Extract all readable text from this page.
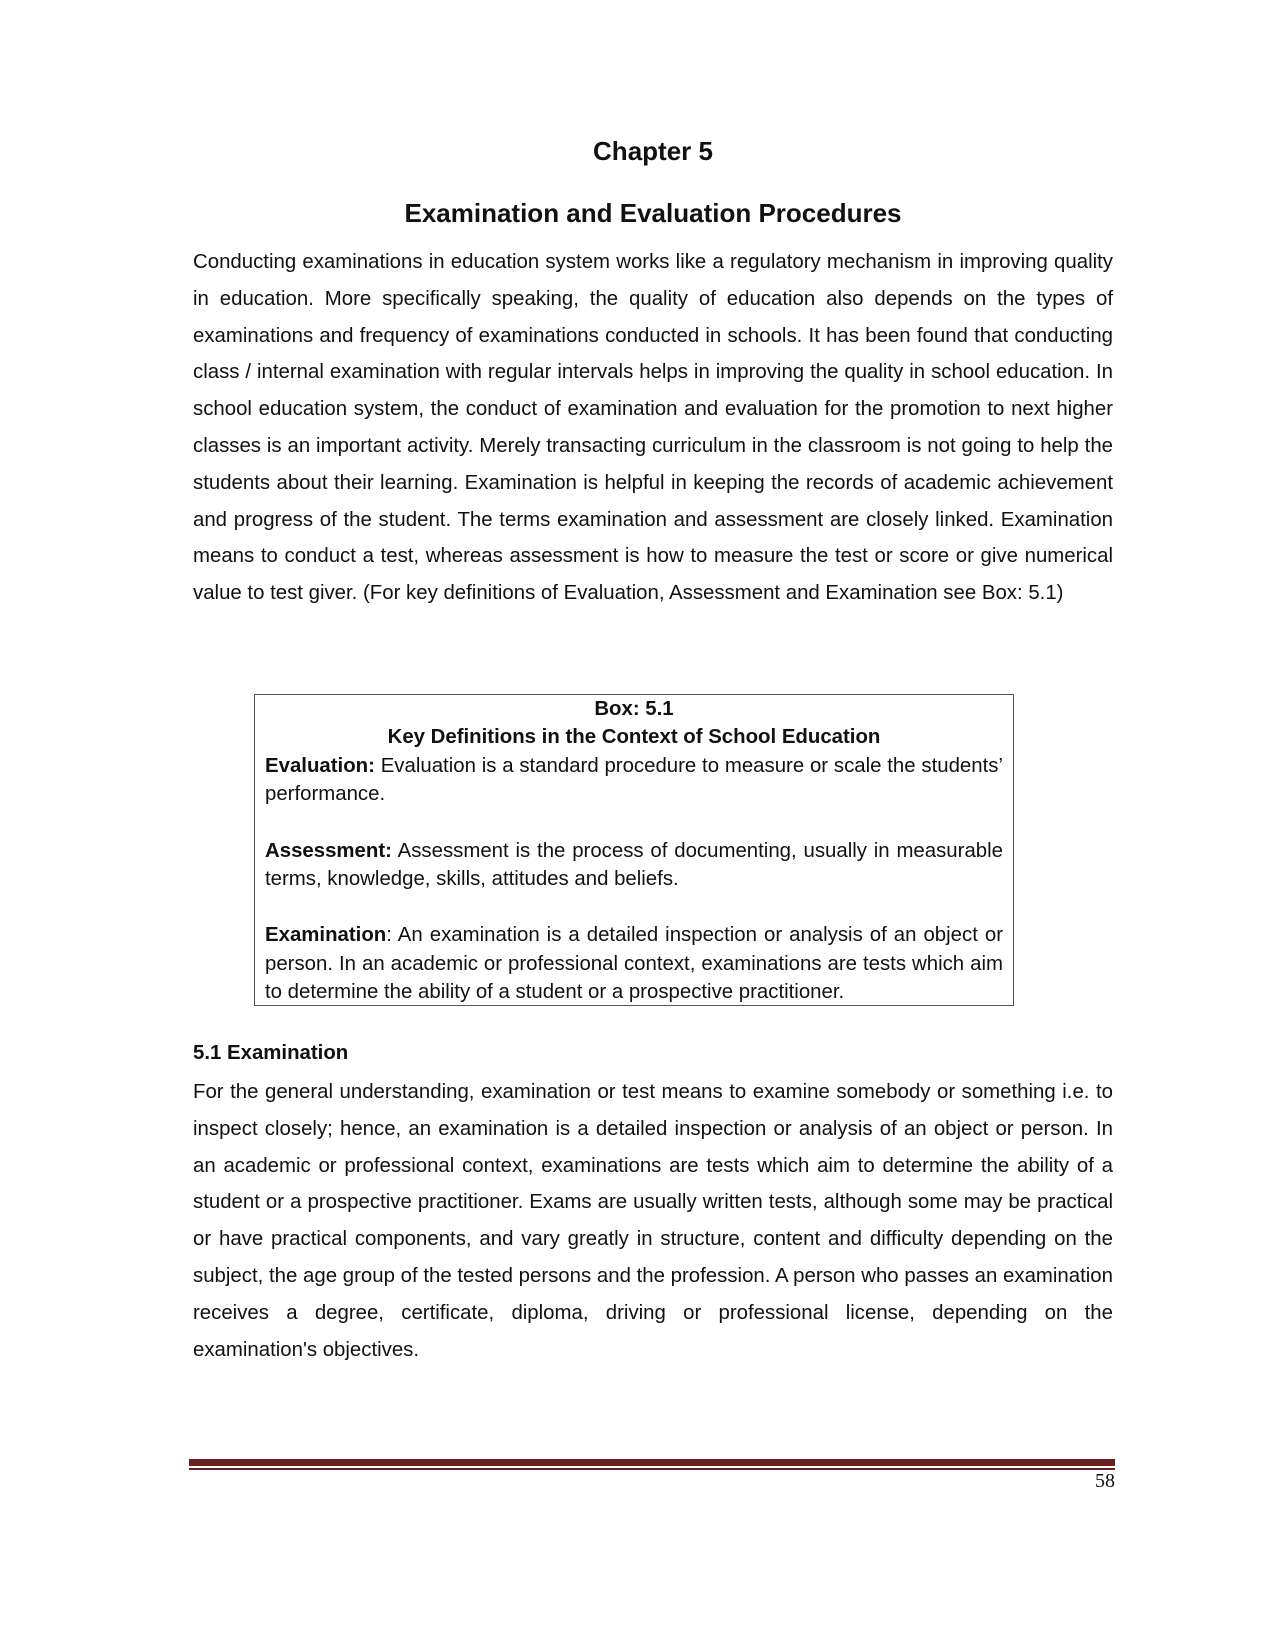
Chapter 5
Examination and Evaluation Procedures

Conducting examinations in education system works like a regulatory mechanism in improving quality in education. More specifically speaking, the quality of education also depends on the types of examinations and frequency of examinations conducted in schools. It has been found that conducting class / internal examination with regular intervals helps in improving the quality in school education. In school education system, the conduct of examination and evaluation for the promotion to next higher classes is an important activity. Merely transacting curriculum in the classroom is not going to help the students about their learning. Examination is helpful in keeping the records of academic achievement and progress of the student. The terms examination and assessment are closely linked. Examination means to conduct a test, whereas assessment is how to measure the test or score or give numerical value to test giver. (For key definitions of Evaluation, Assessment and Examination see Box: 5.1)

Box: 5.1

Key Definitions in the Context of School Education

Evaluation: Evaluation is a standard procedure to measure or scale the students’ performance.

Assessment: Assessment is the process of documenting, usually in measurable terms, knowledge, skills, attitudes and beliefs.

Examination: An examination is a detailed inspection or analysis of an object or person. In an academic or professional context, examinations are tests which aim to determine the ability of a student or a prospective practitioner.

5.1 Examination

For the general understanding, examination or test means to examine somebody or something i.e. to inspect closely; hence, an examination is a detailed inspection or analysis of an object or person. In an academic or professional context, examinations are tests which aim to determine the ability of a student or a prospective practitioner. Exams are usually written tests, although some may be practical or have practical components, and vary greatly in structure, content and difficulty depending on the subject, the age group of the tested persons and the profession. A person who passes an examination receives a degree, certificate, diploma, driving or professional license, depending on the examination's objectives.

58
